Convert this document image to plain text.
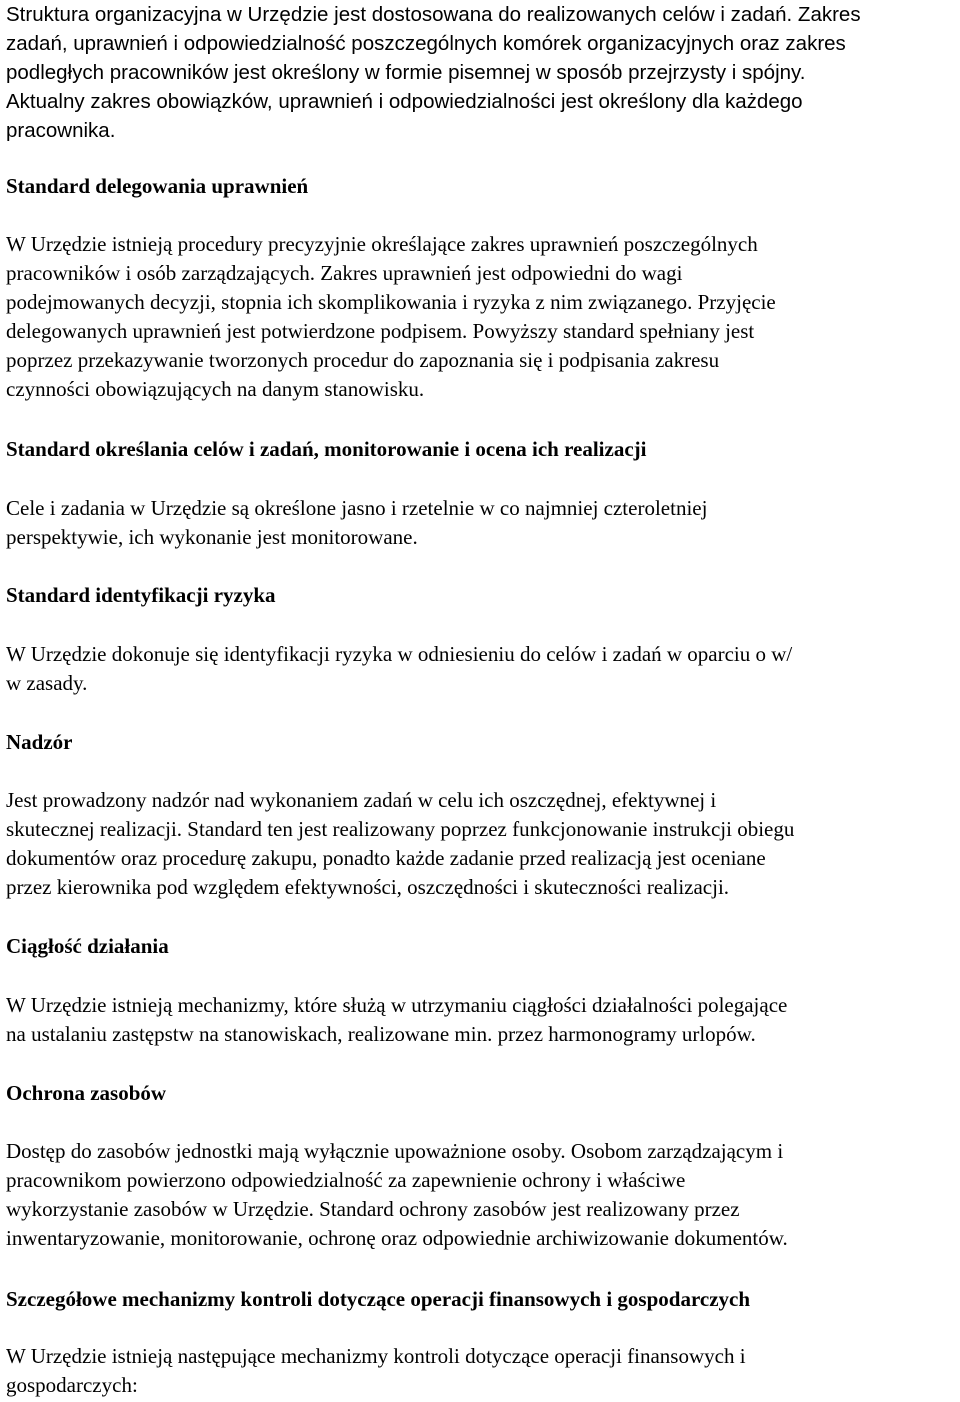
Struktura organizacyjna w Urzędzie jest dostosowana do realizowanych celów i zadań. Zakres
zadań, uprawnień i odpowiedzialność poszczególnych komórek organizacyjnych oraz zakres
podległych pracowników jest określony w formie pisemnej w sposób przejrzysty i spójny.
Aktualny zakres obowiązków, uprawnień i odpowiedzialności jest określony dla każdego
pracownika.

Standard delegowania uprawnień

W Urzędzie istnieją procedury precyzyjnie określające zakres uprawnień poszczególnych
pracowników i osób zarządzających. Zakres uprawnień jest odpowiedni do wagi
podejmowanych decyzji, stopnia ich skomplikowania i ryzyka z nim związanego. Przyjęcie
delegowanych uprawnień jest potwierdzone podpisem. Powyższy standard spełniany jest
poprzez przekazywanie tworzonych procedur do zapoznania się i podpisania zakresu
czynności obowiązujących na danym stanowisku.

Standard określania celów i zadań, monitorowanie i ocena ich realizacji

Cele i zadania w Urzędzie są określone jasno i rzetelnie w co najmniej czteroletniej
perspektywie, ich wykonanie jest monitorowane.

Standard identyfikacji ryzyka

W Urzędzie dokonuje się identyfikacji ryzyka w odniesieniu do celów i zadań w oparciu o w/
w zasady.

Nadzór

Jest prowadzony nadzór nad wykonaniem zadań w celu ich oszczędnej, efektywnej i
skutecznej realizacji. Standard ten jest realizowany poprzez funkcjonowanie instrukcji obiegu
dokumentów oraz procedurę zakupu, ponadto każde zadanie przed realizacją jest oceniane
przez kierownika pod względem efektywności, oszczędności i skuteczności realizacji.

Ciągłość działania

W Urzędzie istnieją mechanizmy, które służą w utrzymaniu ciągłości działalności polegające
na ustalaniu zastępstw na stanowiskach, realizowane min. przez harmonogramy urlopów.

Ochrona zasobów

Dostęp do zasobów jednostki mają wyłącznie upoważnione osoby. Osobom zarządzającym i
pracownikom powierzono odpowiedzialność za zapewnienie ochrony i właściwe
wykorzystanie zasobów w Urzędzie. Standard ochrony zasobów jest realizowany przez
inwentaryzowanie, monitorowanie, ochronę oraz odpowiednie archiwizowanie dokumentów.

Szczegółowe mechanizmy kontroli dotyczące operacji finansowych i gospodarczych

W Urzędzie istnieją następujące mechanizmy kontroli dotyczące operacji finansowych i
gospodarczych:
